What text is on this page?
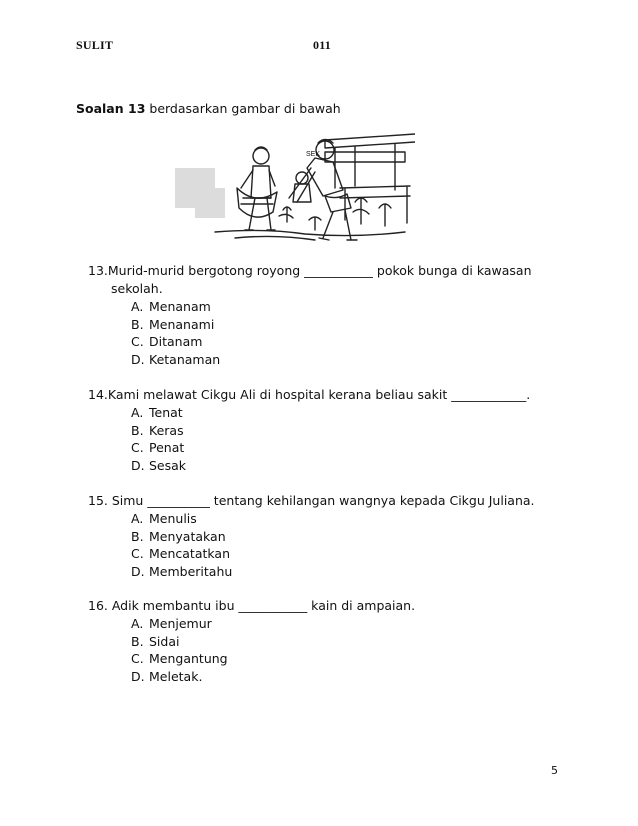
SULIT	011
Soalan 13 berdasarkan gambar di bawah
SEK
13.Murid-murid bergotong royong ___________ pokok bunga di kawasan
sekolah.
A. Menanam
B. Menanami
C. Ditanam
D. Ketanaman
14.Kami melawat Cikgu Ali di hospital kerana beliau sakit ____________.
A. Tenat
B. Keras
C. Penat
D. Sesak
15. Simu __________ tentang kehilangan wangnya kepada Cikgu Juliana.
A. Menulis
B. Menyatakan
C. Mencatatkan
D. Memberitahu
16. Adik membantu ibu ___________ kain di ampaian.
A. Menjemur
B. Sidai
C. Mengantung
D. Meletak.
5
